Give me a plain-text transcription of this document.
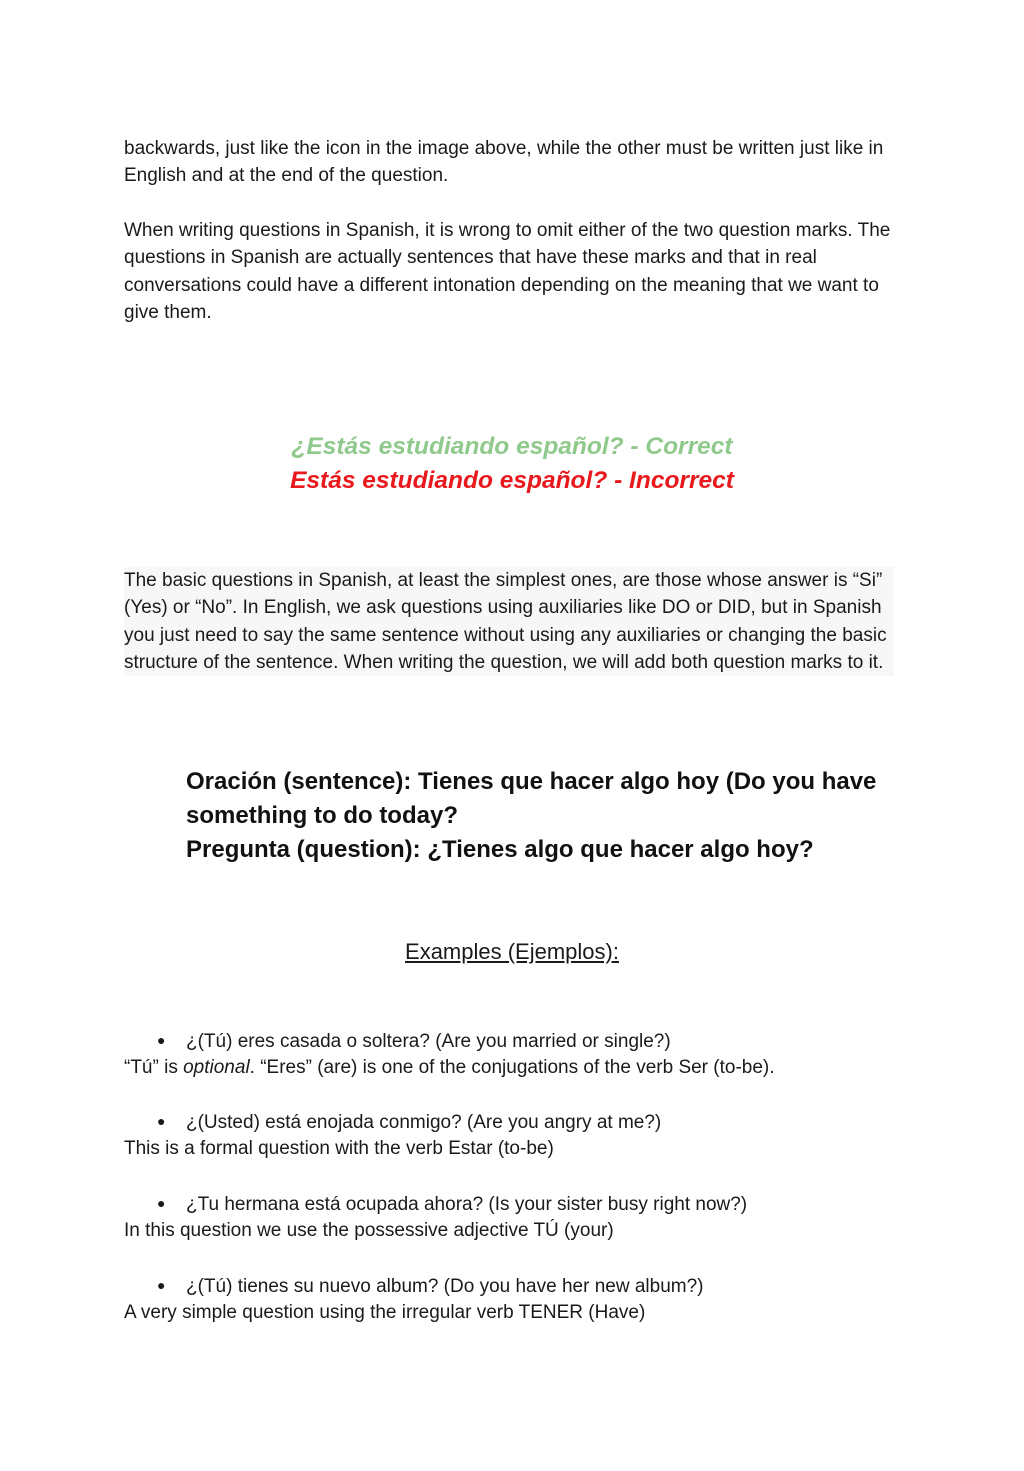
backwards, just like the icon in the image above, while the other must be written just like in English and at the end of the question.

When writing questions in Spanish, it is wrong to omit either of the two question marks. The questions in Spanish are actually sentences that have these marks and that in real conversations could have a different intonation depending on the meaning that we want to give them.

¿Estás estudiando español? - Correct
Estás estudiando español? - Incorrect

The basic questions in Spanish, at least the simplest ones, are those whose answer is “Si” (Yes) or “No”. In English, we ask questions using auxiliaries like DO or DID, but in Spanish you just need to say the same sentence without using any auxiliaries or changing the basic structure of the sentence. When writing the question, we will add both question marks to it.

Oración (sentence): Tienes que hacer algo hoy (Do you have something to do today?
Pregunta (question): ¿Tienes algo que hacer algo hoy?
Examples (Ejemplos):
● ¿(Tú) eres casada o soltera? (Are you married or single?)
“Tú” is optional. “Eres” (are) is one of the conjugations of the verb Ser (to-be).
● ¿(Usted) está enojada conmigo? (Are you angry at me?)
This is a formal question with the verb Estar (to-be)
● ¿Tu hermana está ocupada ahora? (Is your sister busy right now?)
In this question we use the possessive adjective TÚ (your)
● ¿(Tú) tienes su nuevo album? (Do you have her new album?)
A very simple question using the irregular verb TENER (Have)
